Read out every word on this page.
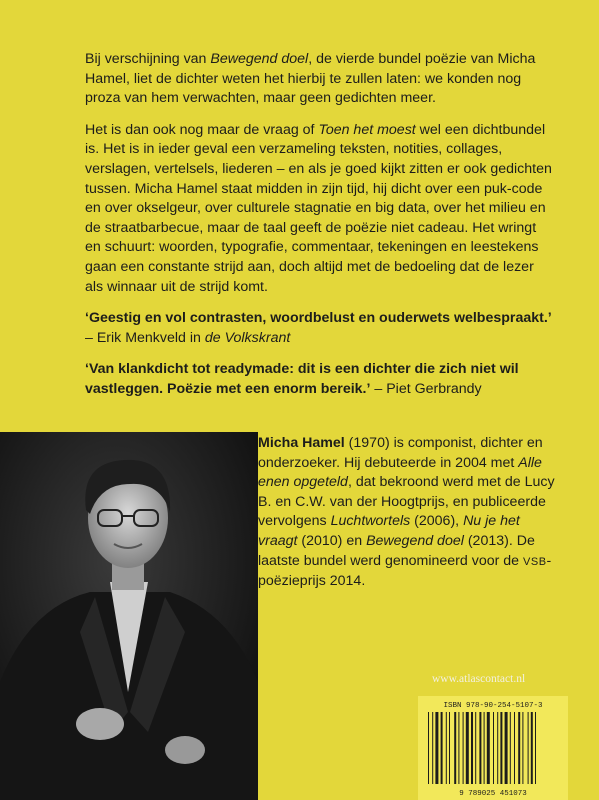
Bij verschijning van Bewegend doel, de vierde bundel poëzie van Micha Hamel, liet de dichter weten het hierbij te zullen laten: we konden nog proza van hem verwachten, maar geen gedichten meer.

Het is dan ook nog maar de vraag of Toen het moest wel een dichtbundel is. Het is in ieder geval een verzameling teksten, notities, collages, verslagen, vertelsels, liederen – en als je goed kijkt zitten er ook gedichten tussen. Micha Hamel staat midden in zijn tijd, hij dicht over een puk-code en over okselgeur, over culturele stagnatie en big data, over het milieu en de straatbarbecue, maar de taal geeft de poëzie niet cadeau. Het wringt en schuurt: woorden, typografie, commentaar, tekeningen en leestekens gaan een constante strijd aan, doch altijd met de bedoeling dat de lezer als winnaar uit de strijd komt.

‘Geestig en vol contrasten, woordbelust en ouderwets welbespraakt.’ – Erik Menkveld in de Volkskrant

‘Van klankdicht tot readymade: dit is een dichter die zich niet wil vastleggen. Poëzie met een enorm bereik.’ – Piet Gerbrandy

Micha Hamel (1970) is componist, dichter en onderzoeker. Hij debuteerde in 2004 met Alle enen opgeteld, dat bekroond werd met de Lucy B. en C.W. van der Hoogtprijs, en publiceerde vervolgens Luchtwortels (2006), Nu je het vraagt (2010) en Bewegend doel (2013). De laatste bundel werd genomineerd voor de VSB-poëzieprijs 2014.
www.atlascontact.nl
ISBN 978-90-254-5107-3
9 789025 451073
